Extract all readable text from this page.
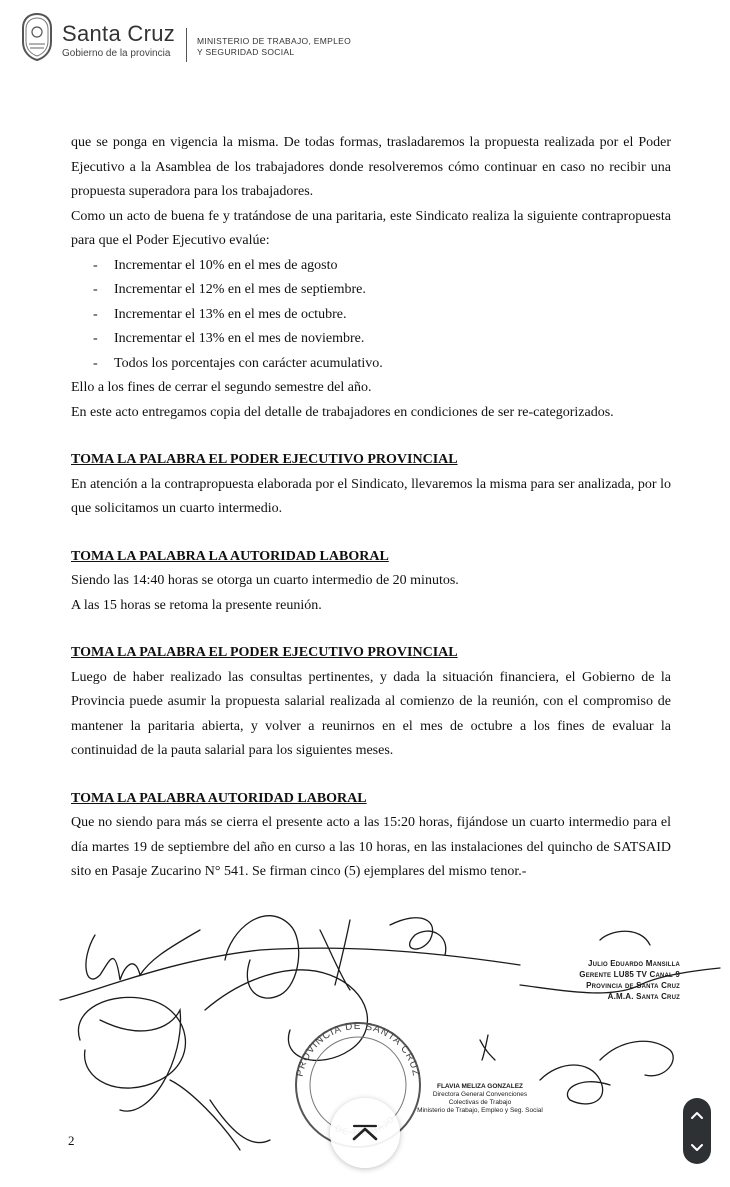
Santa Cruz
Gobierno de la provincia
MINISTERIO DE TRABAJO, EMPLEO
Y SEGURIDAD SOCIAL

que se ponga en vigencia la misma. De todas formas, trasladaremos la propuesta realizada por el Poder Ejecutivo a la Asamblea de los trabajadores donde resolveremos cómo continuar en caso no recibir una propuesta superadora para los trabajadores.

Como un acto de buena fe y tratándose de una paritaria, este Sindicato realiza la siguiente contrapropuesta para que el Poder Ejecutivo evalúe:

- Incrementar el 10% en el mes de agosto
- Incrementar el 12% en el mes de septiembre.
- Incrementar el 13% en el mes de octubre.
- Incrementar el 13% en el mes de noviembre.
- Todos los porcentajes con carácter acumulativo.

Ello a los fines de cerrar el segundo semestre del año.

En este acto entregamos copia del detalle de trabajadores en condiciones de ser re-categorizados.

TOMA LA PALABRA EL PODER EJECUTIVO PROVINCIAL

En atención a la contrapropuesta elaborada por el Sindicato, llevaremos la misma para ser analizada, por lo que solicitamos un cuarto intermedio.

TOMA LA PALABRA LA AUTORIDAD LABORAL

Siendo las 14:40 horas se otorga un cuarto intermedio de 20 minutos.

A las 15 horas se retoma la presente reunión.

TOMA LA PALABRA EL PODER EJECUTIVO PROVINCIAL

Luego de haber realizado las consultas pertinentes, y dada la situación financiera, el Gobierno de la Provincia puede asumir la propuesta salarial realizada al comienzo de la reunión, con el compromiso de mantener la paritaria abierta, y volver a reunirnos en el mes de octubre a los fines de evaluar la continuidad de la pauta salarial para los siguientes meses.

TOMA LA PALABRA AUTORIDAD LABORAL

Que no siendo para más se cierra el presente acto a las 15:20 horas, fijándose un cuarto intermedio para el día martes 19 de septiembre del año en curso a las 10 horas, en las instalaciones del quincho de SATSAID sito en Pasaje Zucarino N° 541. Se firman cinco (5) ejemplares del mismo tenor.-

PROVINCIA DE SANTA CRUZ
Julio Eduardo Mansilla
Gerente LU85 TV Canal 9
Provincia de Santa Cruz
A.M.A. Santa Cruz
FLAVIA MELIZA GONZALEZ
Directora General Convenciones
Colectivas de Trabajo
Ministerio de Trabajo, Empleo y Seg. Social
2
